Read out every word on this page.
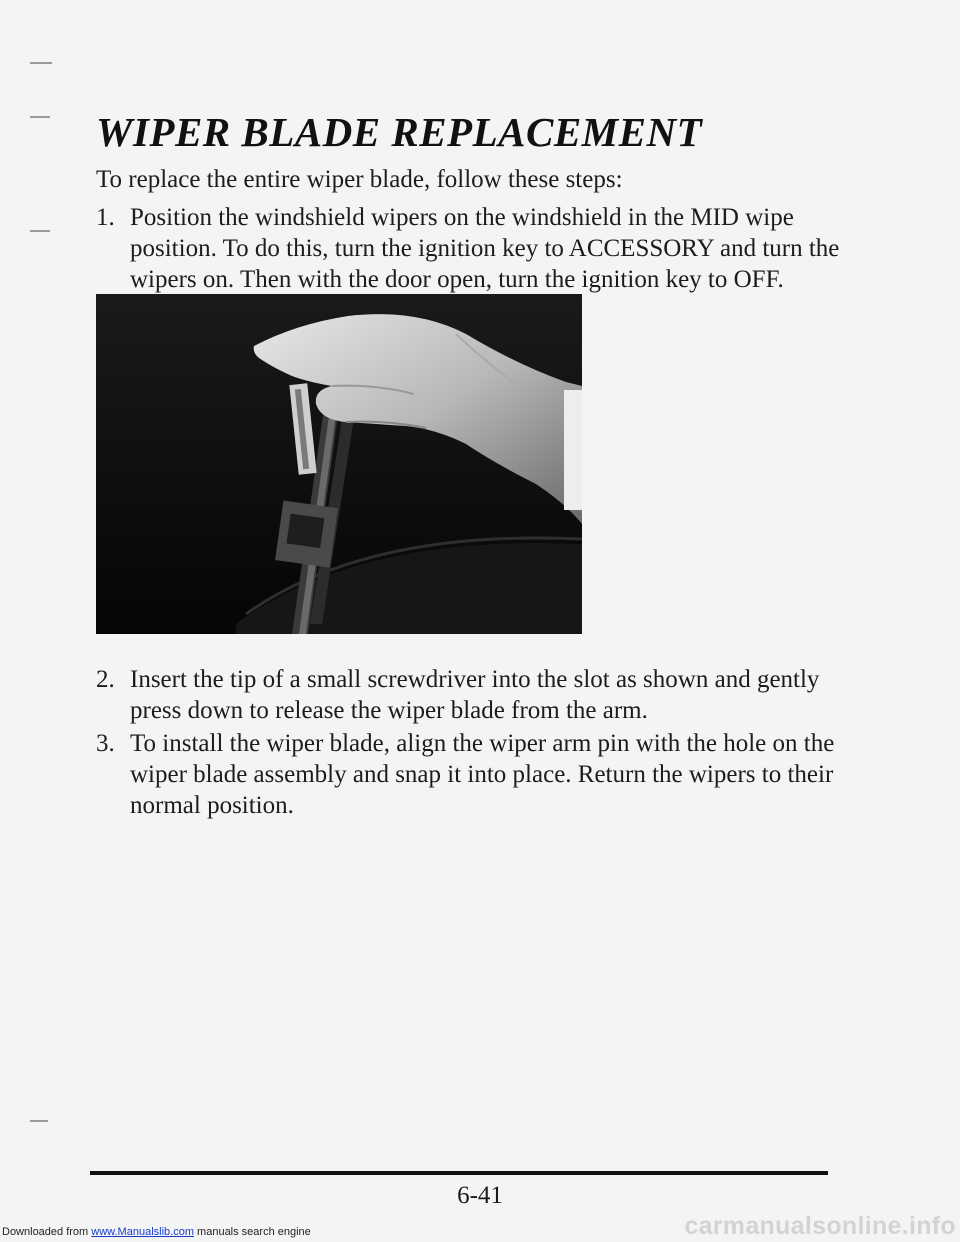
WIPER BLADE REPLACEMENT
To replace the entire wiper blade, follow these steps:
1. Position the windshield wipers on the windshield in the MID wipe position. To do this, turn the ignition key to ACCESSORY and turn the wipers on. Then with the door open, turn the ignition key to OFF.
2. Insert the tip of a small screwdriver into the slot as shown and gently press down to release the wiper blade from the arm.
3. To install the wiper blade, align the wiper arm pin with the hole on the wiper blade assembly and snap it into place. Return the wipers to their normal position.
6-41
Downloaded from www.Manualslib.com manuals search engine	carmanualsonline.info
